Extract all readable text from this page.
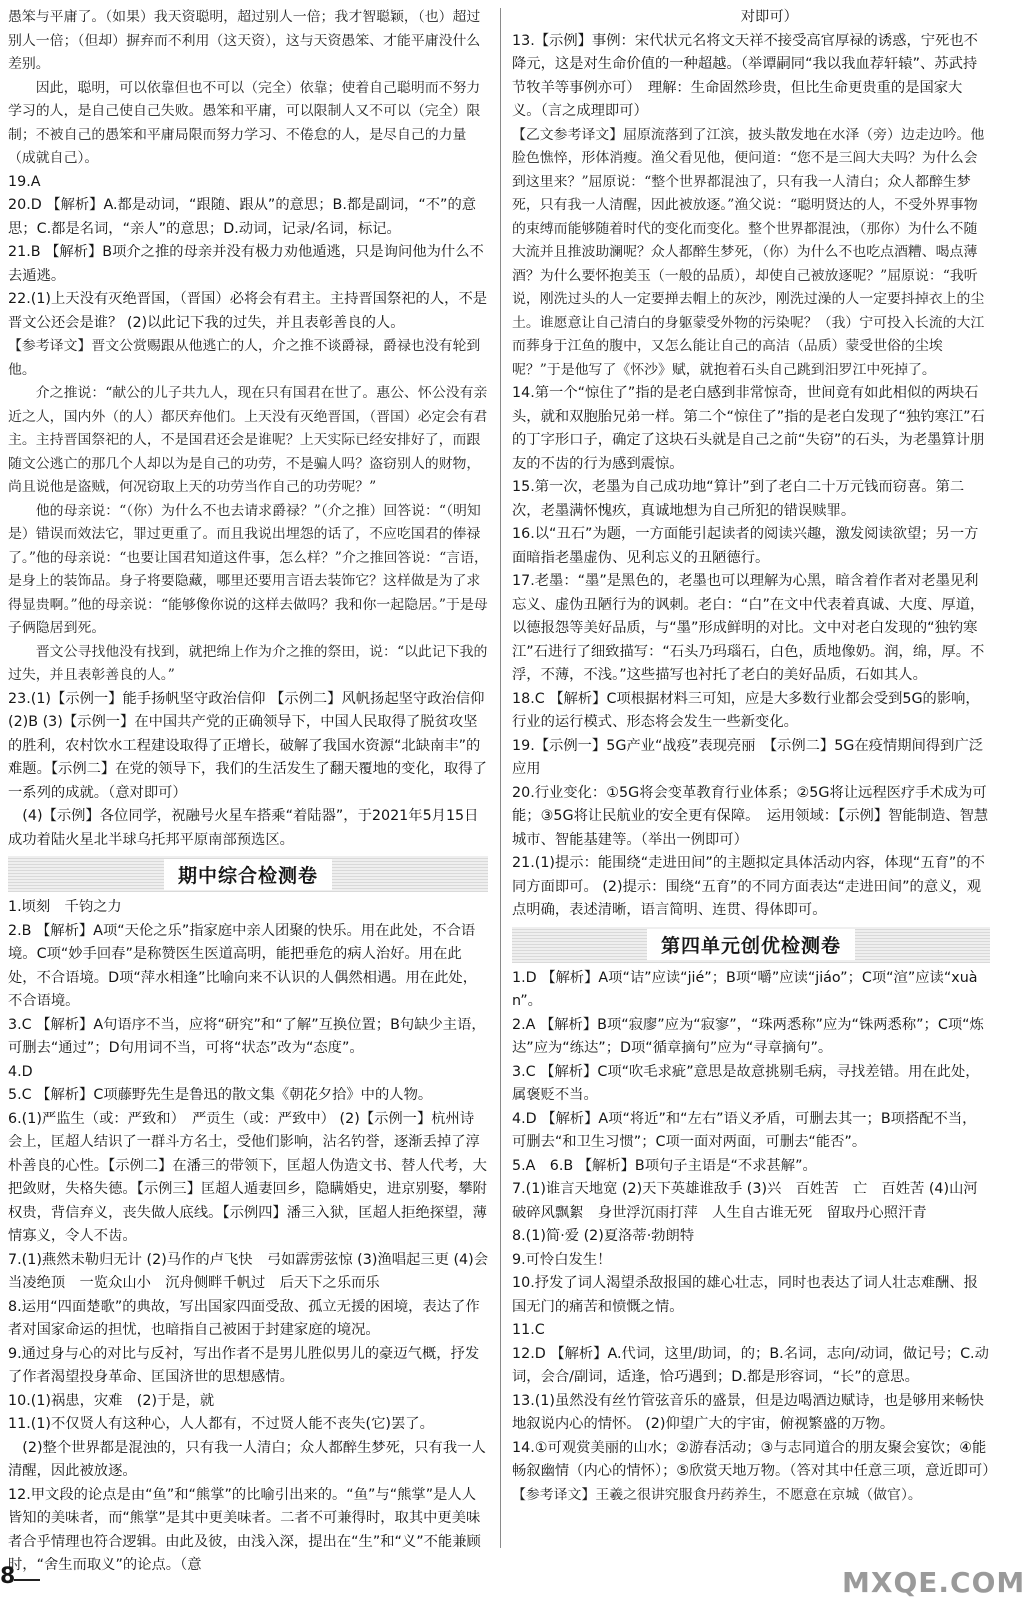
愚笨与平庸了。（如果）我天资聪明，超过别人一倍；我才智聪颖，（也）超过别人一倍；（但却）摒弃而不利用（这天资），这与天资愚笨、才能平庸没什么差别。
　　因此，聪明，可以依靠但也不可以（完全）依靠；使着自己聪明而不努力学习的人，是自己使自己失败。愚笨和平庸，可以限制人又不可以（完全）限制；不被自己的愚笨和平庸局限而努力学习、不倦怠的人，是尽自己的力量（成就自己）。

19.A
20.D 【解析】A.都是动词，“跟随、跟从”的意思；B.都是副词，“不”的意思；C.都是名词，“亲人”的意思；D.动词，记录/名词，标记。
21.B 【解析】B项介之推的母亲并没有极力劝他遁逃，只是询问他为什么不去遁逃。
22.(1)上天没有灭绝晋国，（晋国）必将会有君主。主持晋国祭祀的人，不是晋文公还会是谁？ (2)以此记下我的过失，并且表彰善良的人。

【参考译文】晋文公赏赐跟从他逃亡的人，介之推不谈爵禄，爵禄也没有轮到他。
　　介之推说：“献公的儿子共九人，现在只有国君在世了。惠公、怀公没有亲近之人，国内外（的人）都厌弃他们。上天没有灭绝晋国，（晋国）必定会有君主。主持晋国祭祀的人，不是国君还会是谁呢？上天实际已经安排好了，而跟随文公逃亡的那几个人却以为是自己的功劳，不是骗人吗？盗窃别人的财物，尚且说他是盗贼，何况窃取上天的功劳当作自己的功劳呢？”
　　他的母亲说：“（你）为什么不也去请求爵禄？”（介之推）回答说：“（明知是）错误而效法它，罪过更重了。而且我说出埋怨的话了，不应吃国君的俸禄了。”他的母亲说：“也要让国君知道这件事，怎么样？”介之推回答说：“言语，是身上的装饰品。身子将要隐藏，哪里还要用言语去装饰它？这样做是为了求得显贵啊。”他的母亲说：“能够像你说的这样去做吗？我和你一起隐居。”于是母子俩隐居到死。
　　晋文公寻找他没有找到，就把绵上作为介之推的祭田，说：“以此记下我的过失，并且表彰善良的人。”

23.(1)【示例一】能手扬帆坚守政治信仰 【示例二】风帆扬起坚守政治信仰 (2)B (3)【示例一】在中国共产党的正确领导下，中国人民取得了脱贫攻坚的胜利，农村饮水工程建设取得了正增长，破解了我国水资源“北缺南丰”的难题。【示例二】在党的领导下，我们的生活发生了翻天覆地的变化，取得了一系列的成就。（意对即可）
　(4)【示例】各位同学，祝融号火星车搭乘“着陆器”，于2021年5月15日成功着陆火星北半球乌托邦平原南部预选区。

期中综合检测卷

1.顷刻　千钧之力
2.B 【解析】A项“天伦之乐”指家庭中亲人团聚的快乐。用在此处，不合语境。C项“妙手回春”是称赞医生医道高明，能把垂危的病人治好。用在此处，不合语境。D项“萍水相逢”比喻向来不认识的人偶然相遇。用在此处，不合语境。
3.C 【解析】A句语序不当，应将“研究”和“了解”互换位置；B句缺少主语，可删去“通过”；D句用词不当，可将“状态”改为“态度”。
4.D
5.C 【解析】C项藤野先生是鲁迅的散文集《朝花夕拾》中的人物。
6.(1)严监生（或：严致和）　严贡生（或：严致中） (2)【示例一】杭州诗会上，匡超人结识了一群斗方名士，受他们影响，沾名钓誉，逐渐丢掉了淳朴善良的心性。【示例二】在潘三的带领下，匡超人伪造文书、替人代考，大把敛财，失格失德。【示例三】匡超人遁妻回乡，隐瞒婚史，进京别娶，攀附权贵，背信弃义，丧失做人底线。【示例四】潘三入狱，匡超人拒绝探望，薄情寡义，令人不齿。
7.(1)燕然未勒归无计 (2)马作的卢飞快　弓如霹雳弦惊 (3)渔唱起三更 (4)会当凌绝顶　一览众山小　沉舟侧畔千帆过　后天下之乐而乐
8.运用“四面楚歌”的典故，写出国家四面受敌、孤立无援的困境，表达了作者对国家命运的担忧，也暗指自己被困于封建家庭的境况。
9.通过身与心的对比与反衬，写出作者不是男儿胜似男儿的豪迈气概，抒发了作者渴望投身革命、匡国济世的思想感情。
10.(1)祸患，灾难　(2)于是，就
11.(1)不仅贤人有这种心，人人都有，不过贤人能不丧失(它)罢了。
　(2)整个世界都是混浊的，只有我一人清白；众人都醉生梦死，只有我一人清醒，因此被放逐。
12.甲文段的论点是由“鱼”和“熊掌”的比喻引出来的。“鱼”与“熊掌”是人人皆知的美味者，而“熊掌”是其中更美味者。二者不可兼得时，取其中更美味者合乎情理也符合逻辑。由此及彼，由浅入深，提出在“生”和“义”不能兼顾时，“舍生而取义”的论点。（意

　　　　　　　　　　　　　　　　对即可）
13.【示例】事例：宋代状元名将文天祥不接受高官厚禄的诱惑，宁死也不降元，这是对生命价值的一种超越。（举谭嗣同“我以我血荐轩辕”、苏武持节牧羊等事例亦可）　理解：生命固然珍贵，但比生命更贵重的是国家大义。（言之成理即可）

【乙文参考译文】屈原流落到了江滨，披头散发地在水泽（旁）边走边吟。他脸色憔悴，形体消瘦。渔父看见他，便问道：“您不是三闾大夫吗？为什么会到这里来？”屈原说：“整个世界都混浊了，只有我一人清白；众人都醉生梦死，只有我一人清醒，因此被放逐。”渔父说：“聪明贤达的人，不受外界事物的束缚而能够随着时代的变化而变化。整个世界都混浊，（那你）为什么不随大流并且推波助澜呢？众人都醉生梦死，（你）为什么不也吃点酒糟、喝点薄酒？为什么要怀抱美玉（一般的品质），却使自己被放逐呢？”屈原说：“我听说，刚洗过头的人一定要掸去帽上的灰沙，刚洗过澡的人一定要抖掉衣上的尘土。谁愿意让自己清白的身躯蒙受外物的污染呢？（我）宁可投入长流的大江而葬身于江鱼的腹中，又怎么能让自己的高洁（品质）蒙受世俗的尘埃呢？”于是他写了《怀沙》赋，就抱着石头自己跳到汨罗江中死掉了。

14.第一个“惊住了”指的是老白感到非常惊奇，世间竟有如此相似的两块石头，就和双胞胎兄弟一样。第二个“惊住了”指的是老白发现了“独钓寒江”石的丁字形口子，确定了这块石头就是自己之前“失窃”的石头，为老墨算计朋友的不齿的行为感到震惊。
15.第一次，老墨为自己成功地“算计”到了老白二十万元钱而窃喜。第二次，老墨满怀愧疚，真诚地想为自己所犯的错误赎罪。
16.以“丑石”为题，一方面能引起读者的阅读兴趣，激发阅读欲望；另一方面暗指老墨虚伪、见利忘义的丑陋德行。
17.老墨：“墨”是黑色的，老墨也可以理解为心黑，暗含着作者对老墨见利忘义、虚伪丑陋行为的讽刺。老白：“白”在文中代表着真诚、大度、厚道，以德报怨等美好品质，与“墨”形成鲜明的对比。文中对老白发现的“独钓寒江”石进行了细致描写：“石头乃玛瑙石，白色，质地像奶。润，绵，厚。不浮，不薄，不浅。”这些描写也衬托了老白的美好品质，石如其人。
18.C 【解析】C项根据材料三可知，应是大多数行业都会受到5G的影响，行业的运行模式、形态将会发生一些新变化。
19.【示例一】5G产业“战疫”表现亮丽　【示例二】5G在疫情期间得到广泛应用
20.行业变化：①5G将会变革教育行业体系；②5G将让远程医疗手术成为可能；③5G将让民航业的安全更有保障。　运用领域：【示例】智能制造、智慧城市、智能基建等。（举出一例即可）
21.(1)提示：能围绕“走进田间”的主题拟定具体活动内容，体现“五育”的不同方面即可。 (2)提示：围绕“五育”的不同方面表达“走进田间”的意义，观点明确，表述清晰，语言简明、连贯、得体即可。

第四单元创优检测卷

1.D 【解析】A项“诘”应读“jié”；B项“嚼”应读“jiáo”；C项“渲”应读“xuàn”。
2.A 【解析】B项“寂廖”应为“寂寥”，“珠两悉称”应为“铢两悉称”；C项“炼达”应为“练达”；D项“循章摘句”应为“寻章摘句”。
3.C 【解析】C项“吹毛求疵”意思是故意挑剔毛病，寻找差错。用在此处，属褒贬不当。
4.D 【解析】A项“将近”和“左右”语义矛盾，可删去其一；B项搭配不当，可删去“和卫生习惯”；C项一面对两面，可删去“能否”。
5.A　6.B 【解析】B项句子主语是“不求甚解”。
7.(1)谁言天地宽 (2)天下英雄谁敌手 (3)兴　百姓苦　亡　百姓苦 (4)山河破碎风飘絮　身世浮沉雨打萍　人生自古谁无死　留取丹心照汗青
8.(1)简·爱 (2)夏洛蒂·勃朗特
9.可怜白发生！
10.抒发了词人渴望杀敌报国的雄心壮志，同时也表达了词人壮志难酬、报国无门的痛苦和愤慨之情。
11.C
12.D 【解析】A.代词，这里/助词，的；B.名词，志向/动词，做记号；C.动词，会合/副词，适逢，恰巧遇到；D.都是形容词，“长”的意思。
13.(1)虽然没有丝竹管弦音乐的盛景，但是边喝酒边赋诗，也是够用来畅快地叙说内心的情怀。 (2)仰望广大的宇宙，俯视繁盛的万物。
14.①可观赏美丽的山水；②游春活动；③与志同道合的朋友聚会宴饮；④能畅叙幽情（内心的情怀）；⑤欣赏天地万物。（答对其中任意三项，意近即可）

【参考译文】王羲之很讲究服食丹药养生，不愿意在京城（做官）。

8	MXQE.COM
